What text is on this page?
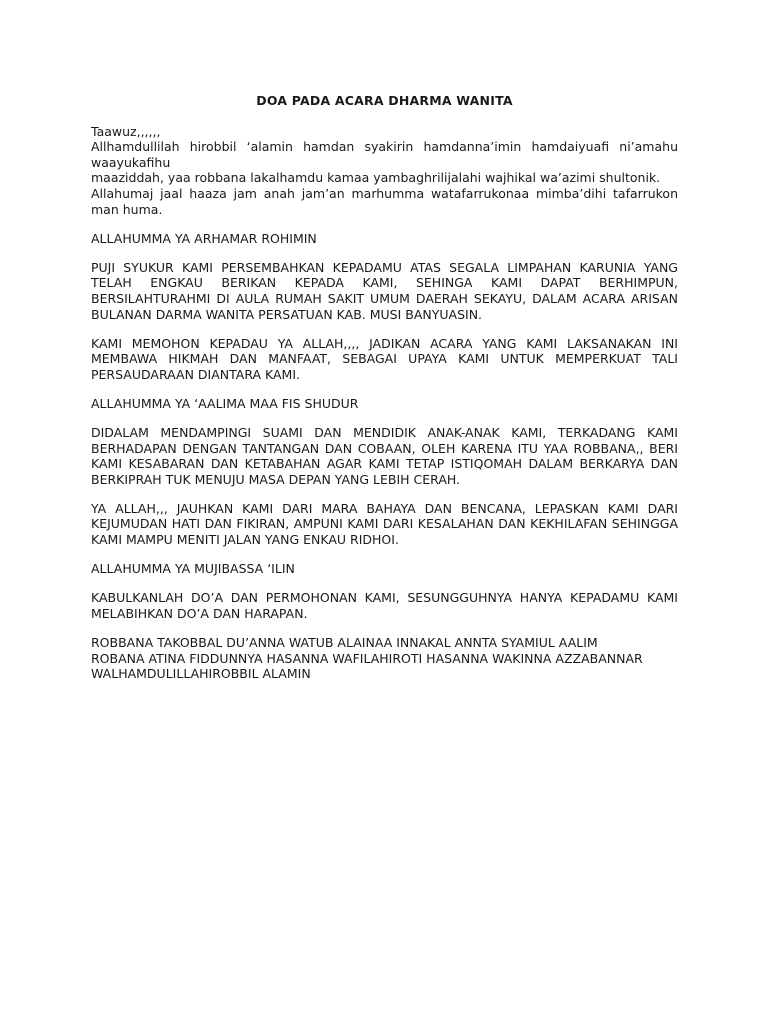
DOA PADA ACARA DHARMA WANITA
Taawuz,,,,,,
Allhamdullilah hirobbil ‘alamin hamdan syakirin hamdanna’imin hamdaiyuafi ni’amahu waayukafihu
maaziddah, yaa robbana lakalhamdu kamaa yambaghrilijalahi wajhikal wa’azimi shultonik.
Allahumaj jaal haaza jam anah jam’an marhumma watafarrukonaa mimba’dihi tafarrukon man huma.
ALLAHUMMA YA ARHAMAR ROHIMIN
PUJI SYUKUR KAMI PERSEMBAHKAN KEPADAMU ATAS SEGALA LIMPAHAN KARUNIA YANG
TELAH ENGKAU BERIKAN KEPADA KAMI, SEHINGA KAMI DAPAT BERHIMPUN,
BERSILAHTURAHMI DI AULA RUMAH SAKIT UMUM DAERAH SEKAYU, DALAM ACARA ARISAN
BULANAN DARMA WANITA PERSATUAN KAB. MUSI BANYUASIN.
KAMI MEMOHON KEPADAU YA ALLAH,,,, JADIKAN ACARA YANG KAMI LAKSANAKAN INI
MEMBAWA HIKMAH DAN MANFAAT, SEBAGAI UPAYA KAMI UNTUK MEMPERKUAT TALI
PERSAUDARAAN DIANTARA KAMI.
ALLAHUMMA YA ‘AALIMA MAA FIS SHUDUR
DIDALAM MENDAMPINGI SUAMI DAN MENDIDIK ANAK-ANAK KAMI, TERKADANG KAMI
BERHADAPAN DENGAN TANTANGAN DAN COBAAN, OLEH KARENA ITU YAA ROBBANA,, BERI
KAMI KESABARAN DAN KETABAHAN AGAR KAMI TETAP ISTIQOMAH DALAM BERKARYA DAN
BERKIPRAH TUK MENUJU MASA DEPAN YANG LEBIH CERAH.
YA ALLAH,,, JAUHKAN KAMI DARI MARA BAHAYA DAN BENCANA, LEPASKAN KAMI DARI
KEJUMUDAN HATI DAN FIKIRAN, AMPUNI KAMI DARI KESALAHAN DAN KEKHILAFAN SEHINGGA
KAMI MAMPU MENITI JALAN YANG ENKAU RIDHOI.
ALLAHUMMA YA MUJIBASSA ‘ILIN
KABULKANLAH DO’A DAN PERMOHONAN KAMI, SESUNGGUHNYA HANYA KEPADAMU KAMI
MELABIHKAN DO’A DAN HARAPAN.
ROBBANA TAKOBBAL DU’ANNA WATUB ALAINAA INNAKAL ANNTA SYAMIUL AALIM
ROBANA ATINA FIDDUNNYA HASANNA WAFILAHIROTI HASANNA WAKINNA AZZABANNAR
WALHAMDULILLAHIROBBIL ALAMIN
